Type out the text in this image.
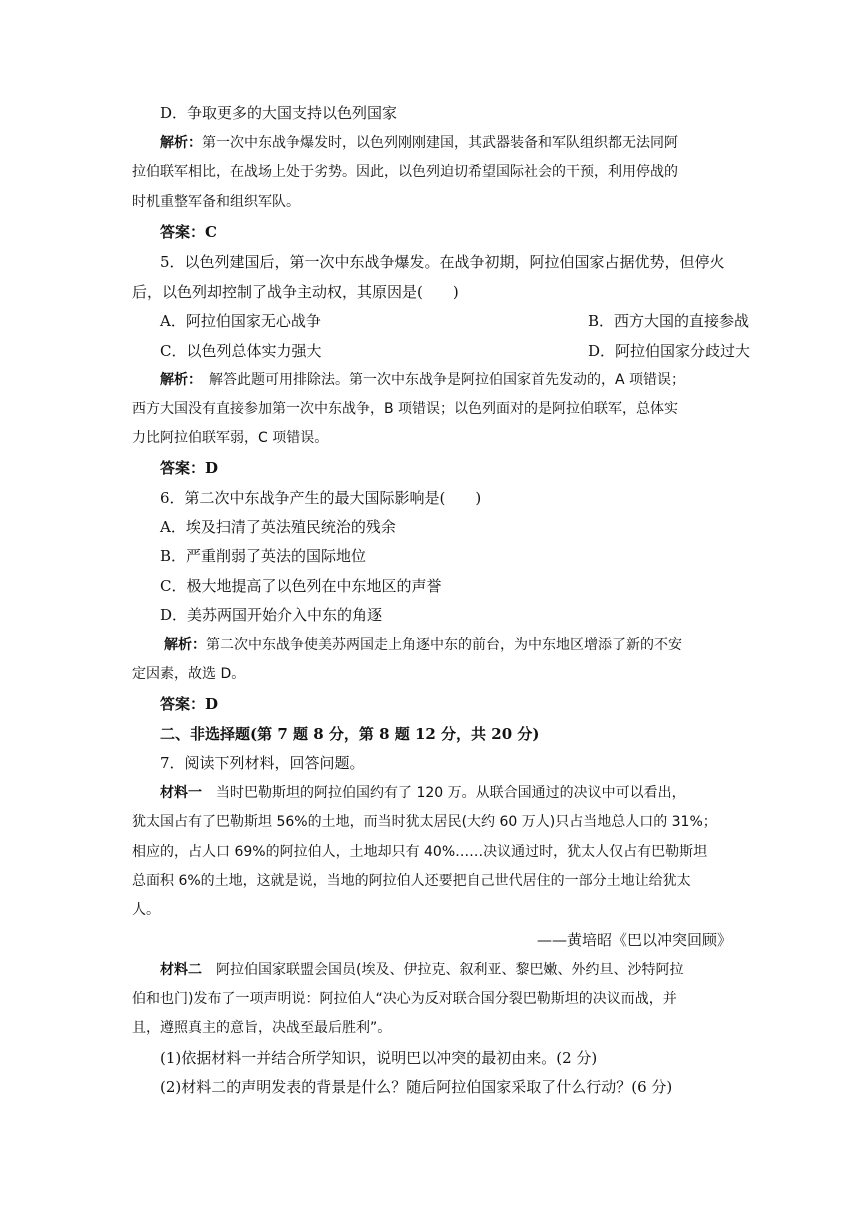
D．争取更多的大国支持以色列国家
解析：第一次中东战争爆发时，以色列刚刚建国，其武器装备和军队组织都无法同阿
拉伯联军相比，在战场上处于劣势。因此，以色列迫切希望国际社会的干预，利用停战的
时机重整军备和组织军队。
答案：C
5．以色列建国后，第一次中东战争爆发。在战争初期，阿拉伯国家占据优势，但停火
后，以色列却控制了战争主动权，其原因是(　　)
A．阿拉伯国家无心战争	B．西方大国的直接参战
C．以色列总体实力强大	D．阿拉伯国家分歧过大
解析：　解答此题可用排除法。第一次中东战争是阿拉伯国家首先发动的，A 项错误；
西方大国没有直接参加第一次中东战争，B 项错误；以色列面对的是阿拉伯联军，总体实
力比阿拉伯联军弱，C 项错误。
答案：D
6．第二次中东战争产生的最大国际影响是(　　)
A．埃及扫清了英法殖民统治的残余
B．严重削弱了英法的国际地位
C．极大地提高了以色列在中东地区的声誉
D．美苏两国开始介入中东的角逐
解析：第二次中东战争使美苏两国走上角逐中东的前台，为中东地区增添了新的不安
定因素，故选 D。
答案：D
二、非选择题(第 7 题 8 分，第 8 题 12 分，共 20 分)
7．阅读下列材料，回答问题。
材料一　当时巴勒斯坦的阿拉伯国约有了 120 万。从联合国通过的决议中可以看出，
犹太国占有了巴勒斯坦 56%的土地，而当时犹太居民(大约 60 万人)只占当地总人口的 31%；
相应的，占人口 69%的阿拉伯人，土地却只有 40%……决议通过时，犹太人仅占有巴勒斯坦
总面积 6%的土地，这就是说，当地的阿拉伯人还要把自己世代居住的一部分土地让给犹太
人。
——黄培昭《巴以冲突回顾》
材料二　阿拉伯国家联盟会国员(埃及、伊拉克、叙利亚、黎巴嫩、外约旦、沙特阿拉
伯和也门)发布了一项声明说：阿拉伯人“决心为反对联合国分裂巴勒斯坦的决议而战，并
且，遵照真主的意旨，决战至最后胜利”。
(1)依据材料一并结合所学知识，说明巴以冲突的最初由来。(2 分)
(2)材料二的声明发表的背景是什么？随后阿拉伯国家采取了什么行动？(6 分)
